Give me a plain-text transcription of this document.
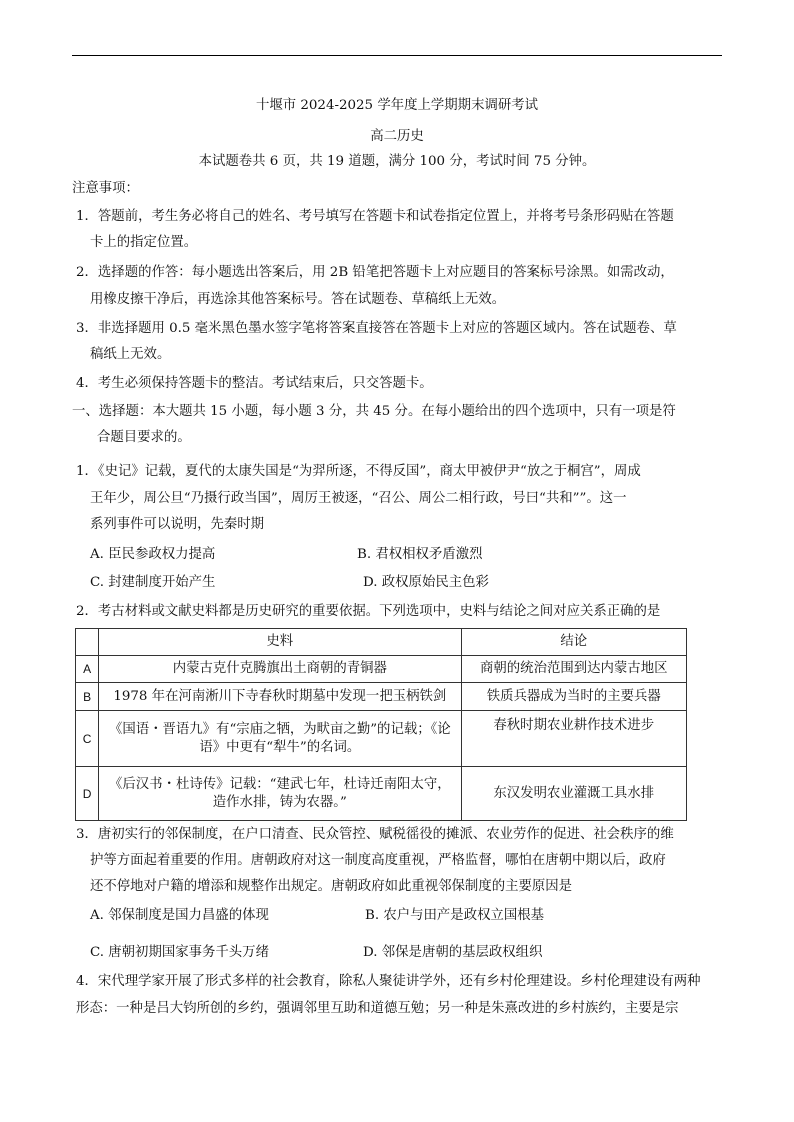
十堰市 2024-2025 学年度上学期期末调研考试
高二历史
本试题卷共 6 页，共 19 道题，满分 100 分，考试时间 75 分钟。
注意事项：
1．答题前，考生务必将自己的姓名、考号填写在答题卡和试卷指定位置上，并将考号条形码贴在答题
卡上的指定位置。
2．选择题的作答：每小题选出答案后，用 2B 铅笔把答题卡上对应题目的答案标号涂黑。如需改动，
用橡皮擦干净后，再选涂其他答案标号。答在试题卷、草稿纸上无效。
3．非选择题用 0.5 毫米黑色墨水签字笔将答案直接答在答题卡上对应的答题区域内。答在试题卷、草
稿纸上无效。
4．考生必须保持答题卡的整洁。考试结束后，只交答题卡。
一、选择题：本大题共 15 小题，每小题 3 分，共 45 分。在每小题给出的四个选项中，只有一项是符
合题目要求的。
1．《史记》记载，夏代的太康失国是“为羿所逐，不得反国”，商太甲被伊尹“放之于桐宫”，周成
王年少，周公旦“乃摄行政当国”，周厉王被逐，“召公、周公二相行政，号曰“共和””。这一
系列事件可以说明，先秦时期
A. 臣民参政权力提高	B. 君权相权矛盾激烈
C. 封建制度开始产生	D. 政权原始民主色彩
2．考古材料或文献史料都是历史研究的重要依据。下列选项中，史料与结论之间对应关系正确的是
	史料	结论
A	内蒙古克什克腾旗出土商朝的青铜器	商朝的统治范围到达内蒙古地区
B	1978 年在河南淅川下寺春秋时期墓中发现一把玉柄铁剑	铁质兵器成为当时的主要兵器
C	《国语・晋语九》有“宗庙之牺，为畎亩之勤”的记载；《论
语》中更有“犁牛”的名词。	春秋时期农业耕作技术进步
D	《后汉书・杜诗传》记载：“建武七年，杜诗迁南阳太守，
造作水排，铸为农器。”	东汉发明农业灌溉工具水排
3．唐初实行的邻保制度，在户口清查、民众管控、赋税徭役的摊派、农业劳作的促进、社会秩序的维
护等方面起着重要的作用。唐朝政府对这一制度高度重视，严格监督，哪怕在唐朝中期以后，政府
还不停地对户籍的增添和规整作出规定。唐朝政府如此重视邻保制度的主要原因是
A. 邻保制度是国力昌盛的体现	B. 农户与田产是政权立国根基
C. 唐朝初期国家事务千头万绪	D. 邻保是唐朝的基层政权组织
4．宋代理学家开展了形式多样的社会教育，除私人聚徒讲学外，还有乡村伦理建设。乡村伦理建设有两种
形态：一种是吕大钧所创的乡约，强调邻里互助和道德互勉；另一种是朱熹改进的乡村族约，主要是宗
